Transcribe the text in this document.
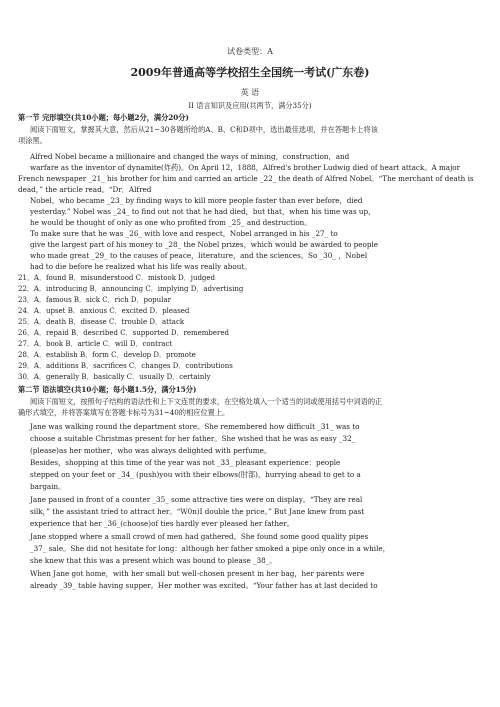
试卷类型：A
2009年普通高等学校招生全国统一考试(广东卷)
英 语
II 语言知识及应用(共两节，满分35分)
第一节 完形填空(共10小题；每小题2分，满分20分)
阅读下面短文，掌握其大意，然后从21~30各题所给的A、B、C和D项中，选出最佳选项，并在答题卡上将该
项涂黑。
Alfred Nobel became a millionaire and changed the ways of mining，construction，and
warfare as the inventor of dynamite(炸药)。On April 12，1888，Alfred's brother Ludwig died of heart attack。A major
French newspaper _21_ his brother for him and carried an article _22_ the death of Alfred Nobel。“The merchant of death is
dead，” the article read。“Dr．Alfred
Nobel，who became _23_ by finding ways to kill more people faster than ever before，died
yesterday.” Nobel was _24_ to find out not that he had died，but that，when his time was up，
he would be thought of only as one who profited from _25_ and destruction。
To make sure that he was _26_ with love and respect，Nobel arranged in his _27_ to
give the largest part of his money to _28_ the Nobel prizes，which would be awarded to people
who made great _29_ to the causes of peace，literature，and the sciences。So _30_ ，Nobel
had to die before he realized what his life was really about。
21．A．found B．misunderstood C．mistook D．judged
22．A．introducing B．announcing C．implying D．advertising
23．A．famous B．sick C．rich D．popular
24．A．upset B．anxious C．excited D．pleased
25．A．death B．disease C．trouble D．attack
26．A．repaid B．described C．supported D．remembered
27．A．book B．article C．will D．contract
28．A．establish B．form C．develop D．promote
29．A．additions B．sacrifices C．changes D．contributions
30．A．generally B．basically C．usually D．certainly
第二节 语法填空(共10小题；每小题1.5分，满分15分)
阅读下面短文，按照句子结构的语法性和上下文连贯的要求，在空格处填入一个适当的词或使用括号中词语的正
确形式填空，并将答案填写在答题卡标号为31~40的相应位置上。
Jane was walking round the department store。She remembered how difficult _31_ was to
choose a suitable Christmas present for her father。She wished that he was as easy _32_
(please)as her mother，who was always delighted with perfume。
Besides，shopping at this time of the year was not _33_ pleasant experience：people
stepped on your feet or _34_ (push)you with their elbows(肘部)，hurrying ahead to get to a
bargain。
Jane paused in front of a counter _35_ some attractive ties were on display。“They are real
silk，” the assistant tried to attract her。“W0n)I double the price。” But Jane knew from past
experience that her _36_(choose)of ties hardly ever pleased her father。
Jane stopped where a small crowd of men had gathered。She found some good quality pipes
_37_ sale。She did not hesitate for long：although her father smoked a pipe only once in a while，
she knew that this was a present which was bound to please _38_。
When Jane got home，with her small but well-chosen present in her bag，her parents were
already _39_ table having supper。Her mother was excited。“Your father has at last decided to
